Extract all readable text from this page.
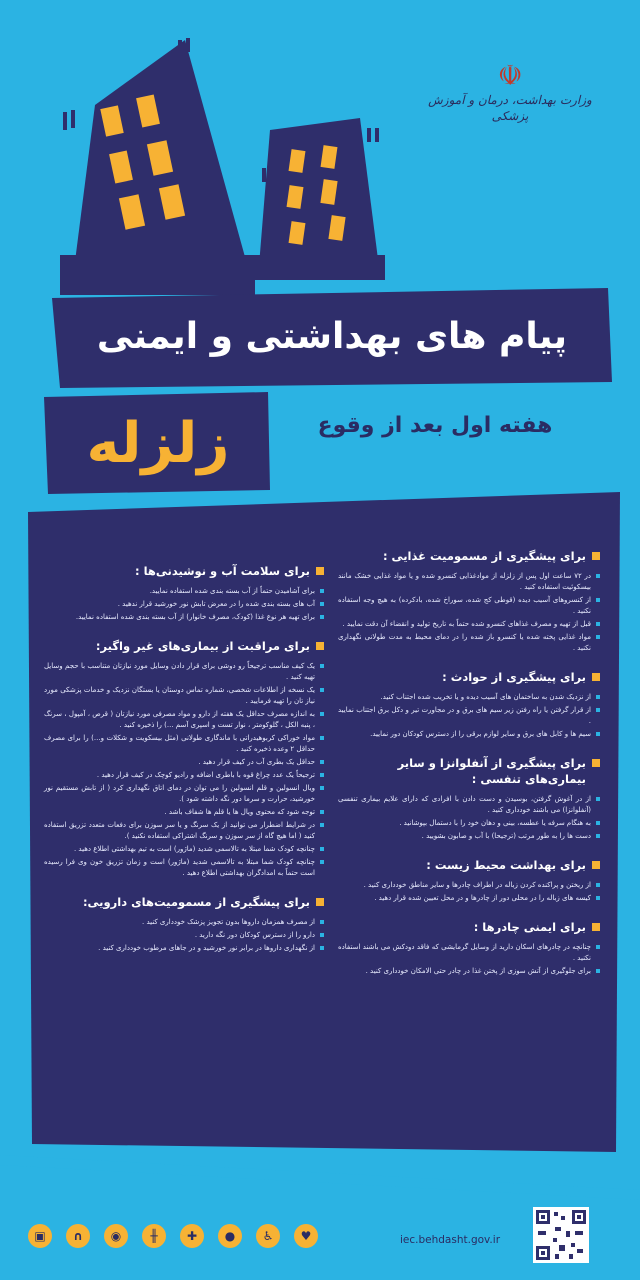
☫
وزارت بهداشت، درمان و آموزش پزشکی
پیام های بهداشتی و ایمنی
زلزله	هفته اول بعد از وقوع
برای پیشگیری از مسمومیت غذایی :
در ۷۲ ساعت اول پس از زلزله از موادغذایی کنسرو شده و یا مواد غذایی خشک مانند بیسکوئیت استفاده کنید .
از کنسروهای آسیب دیده (قوطی کج شده، سوراخ شده، بادکرده) به هیچ وجه استفاده نکنید .
قبل از تهیه و مصرف غذاهای کنسرو شده حتماً به تاریخ تولید و انقضاء آن دقت نمایید .
مواد غذایی پخته شده یا کنسرو باز شده را در دمای محیط به مدت طولانی نگهداری نکنید .
برای پیشگیری از حوادث :
از نزدیک شدن به ساختمان های آسیب دیده و یا تخریب شده اجتناب کنید.
از قرار گرفتن یا راه رفتن زیر سیم های برق و در مجاورت تیر و دکل برق اجتناب نمایید .
سیم ها و کابل های برق و سایر لوازم برقی را از دسترس کودکان دور نمایید.
برای پیشگیری از آنفلوانزا و سایر بیماری‌های تنفسی :
از در آغوش گرفتن، بوسیدن و دست دادن با افرادی که دارای علایم بیماری تنفسی (آنفلوانزا) می باشند خودداری کنید .
به هنگام سرفه یا عطسه، بینی و دهان خود را با دستمال بپوشانید .
دست ها را به طور مرتب (ترجیحا) با آب و صابون بشویید .
برای بهداشت محیط زیست :
از ریختن و پراکنده کردن زباله در اطراف چادرها و سایر مناطق خودداری کنید .
کیسه های زباله را در محلی دور از چادرها و در محل تعیین شده قرار دهید .
برای ایمنی چادرها :
چنانچه در چادرهای اسکان دارید از وسایل گرمایشی که فاقد دودکش می باشند استفاده نکنید .
برای جلوگیری از آتش سوزی از پختن غذا در چادر حتی الامکان خودداری کنید .
برای سلامت آب و نوشیدنی‌ها :
برای آشامیدن حتماً از آب بسته بندی شده استفاده نمایید.
آب های بسته بندی شده را در معرض تابش نور خورشید قرار ندهید .
برای تهیه هر نوع غذا (کودک، مصرف خانوار) از آب بسته بندی شده استفاده نمایید.
برای مراقبت از بیماری‌های غیر واگیر:
یک کیف مناسب ترجیحاً رو دوشی برای قرار دادن وسایل مورد نیازتان متناسب با حجم وسایل تهیه کنید .
یک نسخه از اطلاعات شخصی، شماره تماس دوستان یا بستگان نزدیک و خدمات پزشکی مورد نیاز تان را تهیه فرمایید .
به اندازه مصرف حداقل یک هفته از دارو و مواد مصرفی مورد نیازتان ( قرص ، آمپول ، سرنگ ، پنبه الکل ، گلوکومتر ، نوار تست و اسپری آسم ...) را ذخیره کنید .
مواد خوراکی کربوهیدراتی با ماندگاری طولانی (مثل بیسکویت و شکلات و...) را برای مصرف حداقل ۲ وعده ذخیره کنید .
حداقل یک بطری آب در کیف قرار دهید .
ترجیحاً یک عدد چراغ قوه با باطری اضافه و رادیو کوچک در کیف قرار دهید .
ویال انسولین و قلم انسولین را می توان در دمای اتاق نگهداری کرد ( از تابش مستقیم نور خورشید، حرارت و سرما دور نگه داشته شود ).
توجه شود که محتوی ویال ها یا قلم ها شفاف باشد .
در شرایط اضطرار می توانید از یک سرنگ و یا سر سوزن برای دفعات متعدد تزریق استفاده کنید ( اما هیچ گاه از سر سوزن و سرنگ اشتراکی استفاده نکنید ).
چنانچه کودک شما مبتلا به تالاسمی شدید (ماژور) است به تیم بهداشتی اطلاع دهید .
چنانچه کودک شما مبتلا به تالاسمی شدید (ماژور) است و زمان تزریق خون وی فرا رسیده است حتماً به امدادگران بهداشتی اطلاع دهید .
برای پیشگیری از مسمومیت‌های دارویی:
از مصرف همزمان داروها بدون تجویز پزشک خودداری کنید .
دارو را از دسترس کودکان دور نگه دارید .
از نگهداری داروها در برابر نور خورشید و در جاهای مرطوب خودداری کنید .
▣	∩	◉	╫	✚	●	♿	♥	iec.behdasht.gov.ir
